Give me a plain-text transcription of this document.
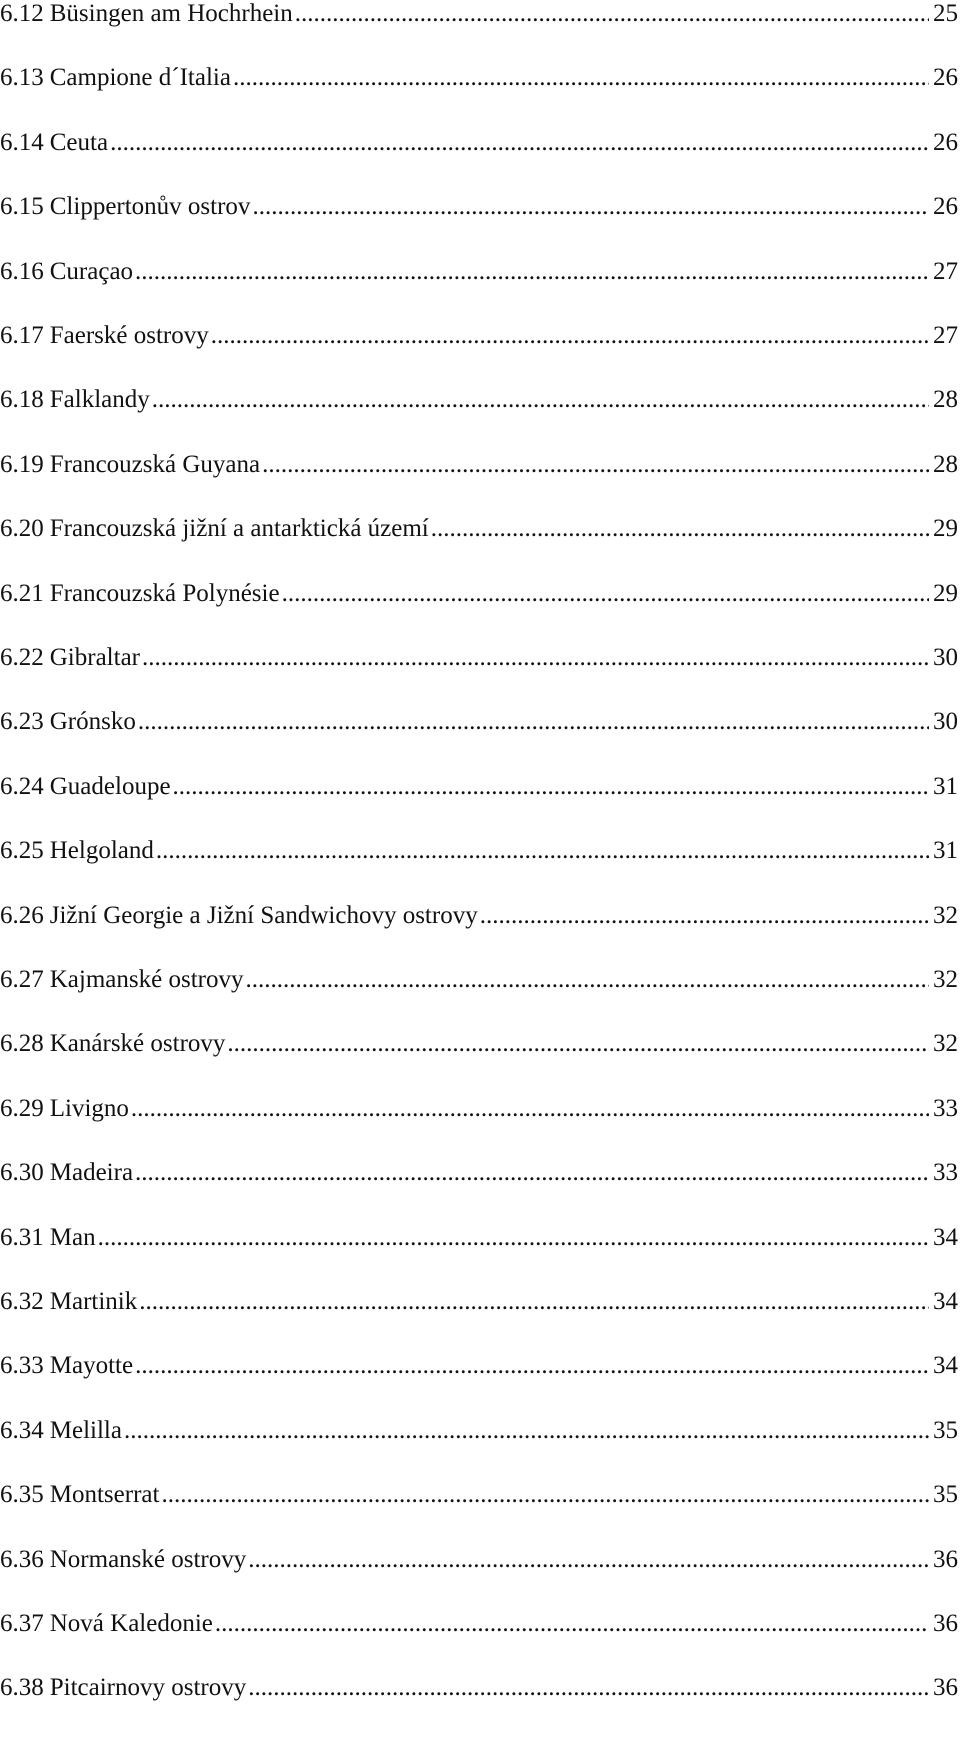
6.12 Büsingen am Hochrhein .....	25
6.13 Campione d´Italia .....	26
6.14 Ceuta .....	26
6.15 Clippertonův ostrov .....	26
6.16 Curaçao .....	27
6.17 Faerské ostrovy .....	27
6.18 Falklandy .....	28
6.19 Francouzská Guyana .....	28
6.20 Francouzská jižní a antarktická území .....	29
6.21 Francouzská Polynésie .....	29
6.22 Gibraltar .....	30
6.23 Grónsko .....	30
6.24 Guadeloupe .....	31
6.25 Helgoland .....	31
6.26 Jižní Georgie a Jižní Sandwichovy ostrovy .....	32
6.27 Kajmanské ostrovy .....	32
6.28 Kanárské ostrovy .....	32
6.29 Livigno .....	33
6.30 Madeira .....	33
6.31 Man .....	34
6.32 Martinik .....	34
6.33 Mayotte .....	34
6.34 Melilla .....	35
6.35 Montserrat .....	35
6.36 Normanské ostrovy .....	36
6.37 Nová Kaledonie .....	36
6.38 Pitcairnovy ostrovy .....	36
